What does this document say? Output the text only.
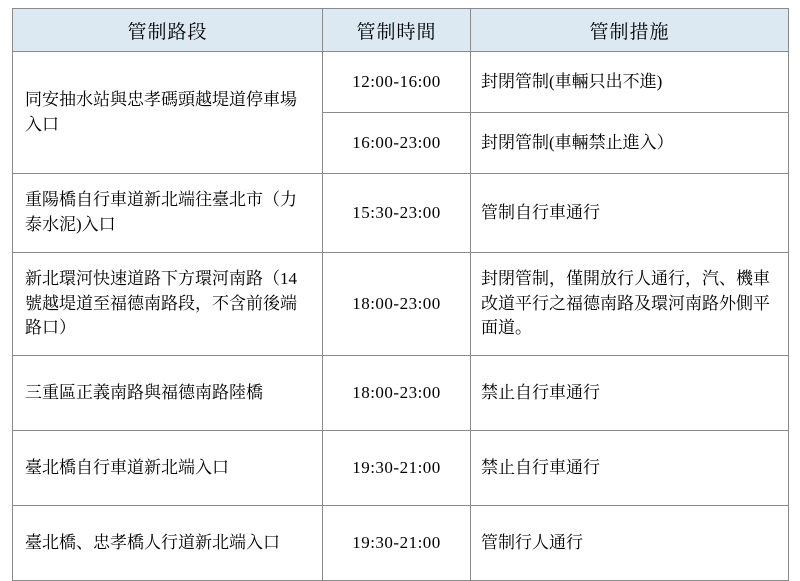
管制路段	管制時間	管制措施
同安抽水站與忠孝碼頭越堤道停車場入口	12:00-16:00	封閉管制(車輛只出不進)
	16:00-23:00	封閉管制(車輛禁止進入）
重陽橋自行車道新北端往臺北市（力泰水泥)入口	15:30-23:00	管制自行車通行
新北環河快速道路下方環河南路（14號越堤道至福德南路段，不含前後端路口）	18:00-23:00	封閉管制，僅開放行人通行，汽、機車改道平行之福德南路及環河南路外側平面道。
三重區正義南路與福德南路陸橋	18:00-23:00	禁止自行車通行
臺北橋自行車道新北端入口	19:30-21:00	禁止自行車通行
臺北橋、忠孝橋人行道新北端入口	19:30-21:00	管制行人通行
